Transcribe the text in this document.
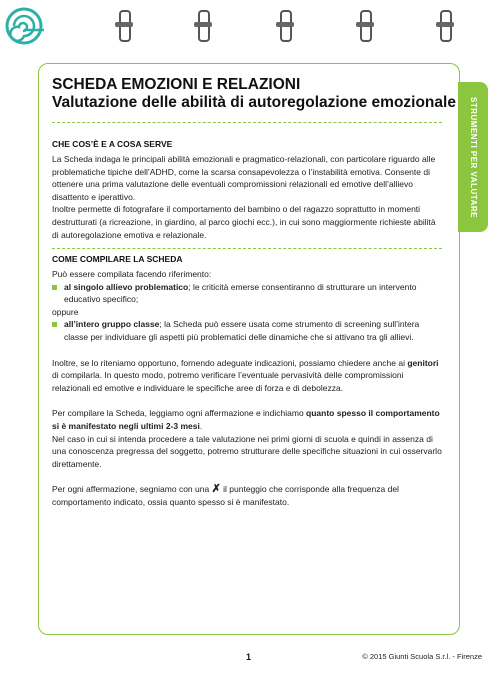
STRUMENTI PER VALUTARE
SCHEDA EMOZIONI E RELAZIONI
Valutazione delle abilità di autoregolazione emozionale
CHE COS’È E A COSA SERVE

La Scheda indaga le principali abilità emozionali e pragmatico-relazionali, con particolare riguardo alle problematiche tipiche dell’ADHD, come la scarsa consapevolezza o l’instabilità emotiva. Consente di ottenere una prima valutazione delle eventuali compromissioni relazionali ed emotive dell’allievo disattento e iperattivo.

Inoltre permette di fotografare il comportamento del bambino o del ragazzo soprattutto in momenti destrutturati (a ricreazione, in giardino, al parco giochi ecc.), in cui sono maggiormente richieste abilità di autoregolazione emotiva e relazionale.

COME COMPILARE LA SCHEDA

Può essere compilata facendo riferimento:

al singolo allievo problematico; le criticità emerse consentiranno di strutturare un intervento educativo specifico;

oppure

all’intero gruppo classe; la Scheda può essere usata come strumento di screening sull’intera classe per individuare gli aspetti più problematici delle dinamiche che si attivano tra gli allievi.

Inoltre, se lo riteniamo opportuno, fornendo adeguate indicazioni, possiamo chiedere anche ai genitori di compilarla. In questo modo, potremo verificare l’eventuale pervasività delle compromissioni relazionali ed emotive e individuare le specifiche aree di forza e di debolezza.

Per compilare la Scheda, leggiamo ogni affermazione e indichiamo quanto spesso il comportamento si è manifestato negli ultimi 2-3 mesi.

Nel caso in cui si intenda procedere a tale valutazione nei primi giorni di scuola e quindi in assenza di una conoscenza pregressa del soggetto, potremo strutturare delle specifiche situazioni in cui osservarlo direttamente.

Per ogni affermazione, segniamo con una ✗ il punteggio che corrisponde alla frequenza del comportamento indicato, ossia quanto spesso si è manifestato.

1	© 2015 Giunti Scuola S.r.l. - Firenze
